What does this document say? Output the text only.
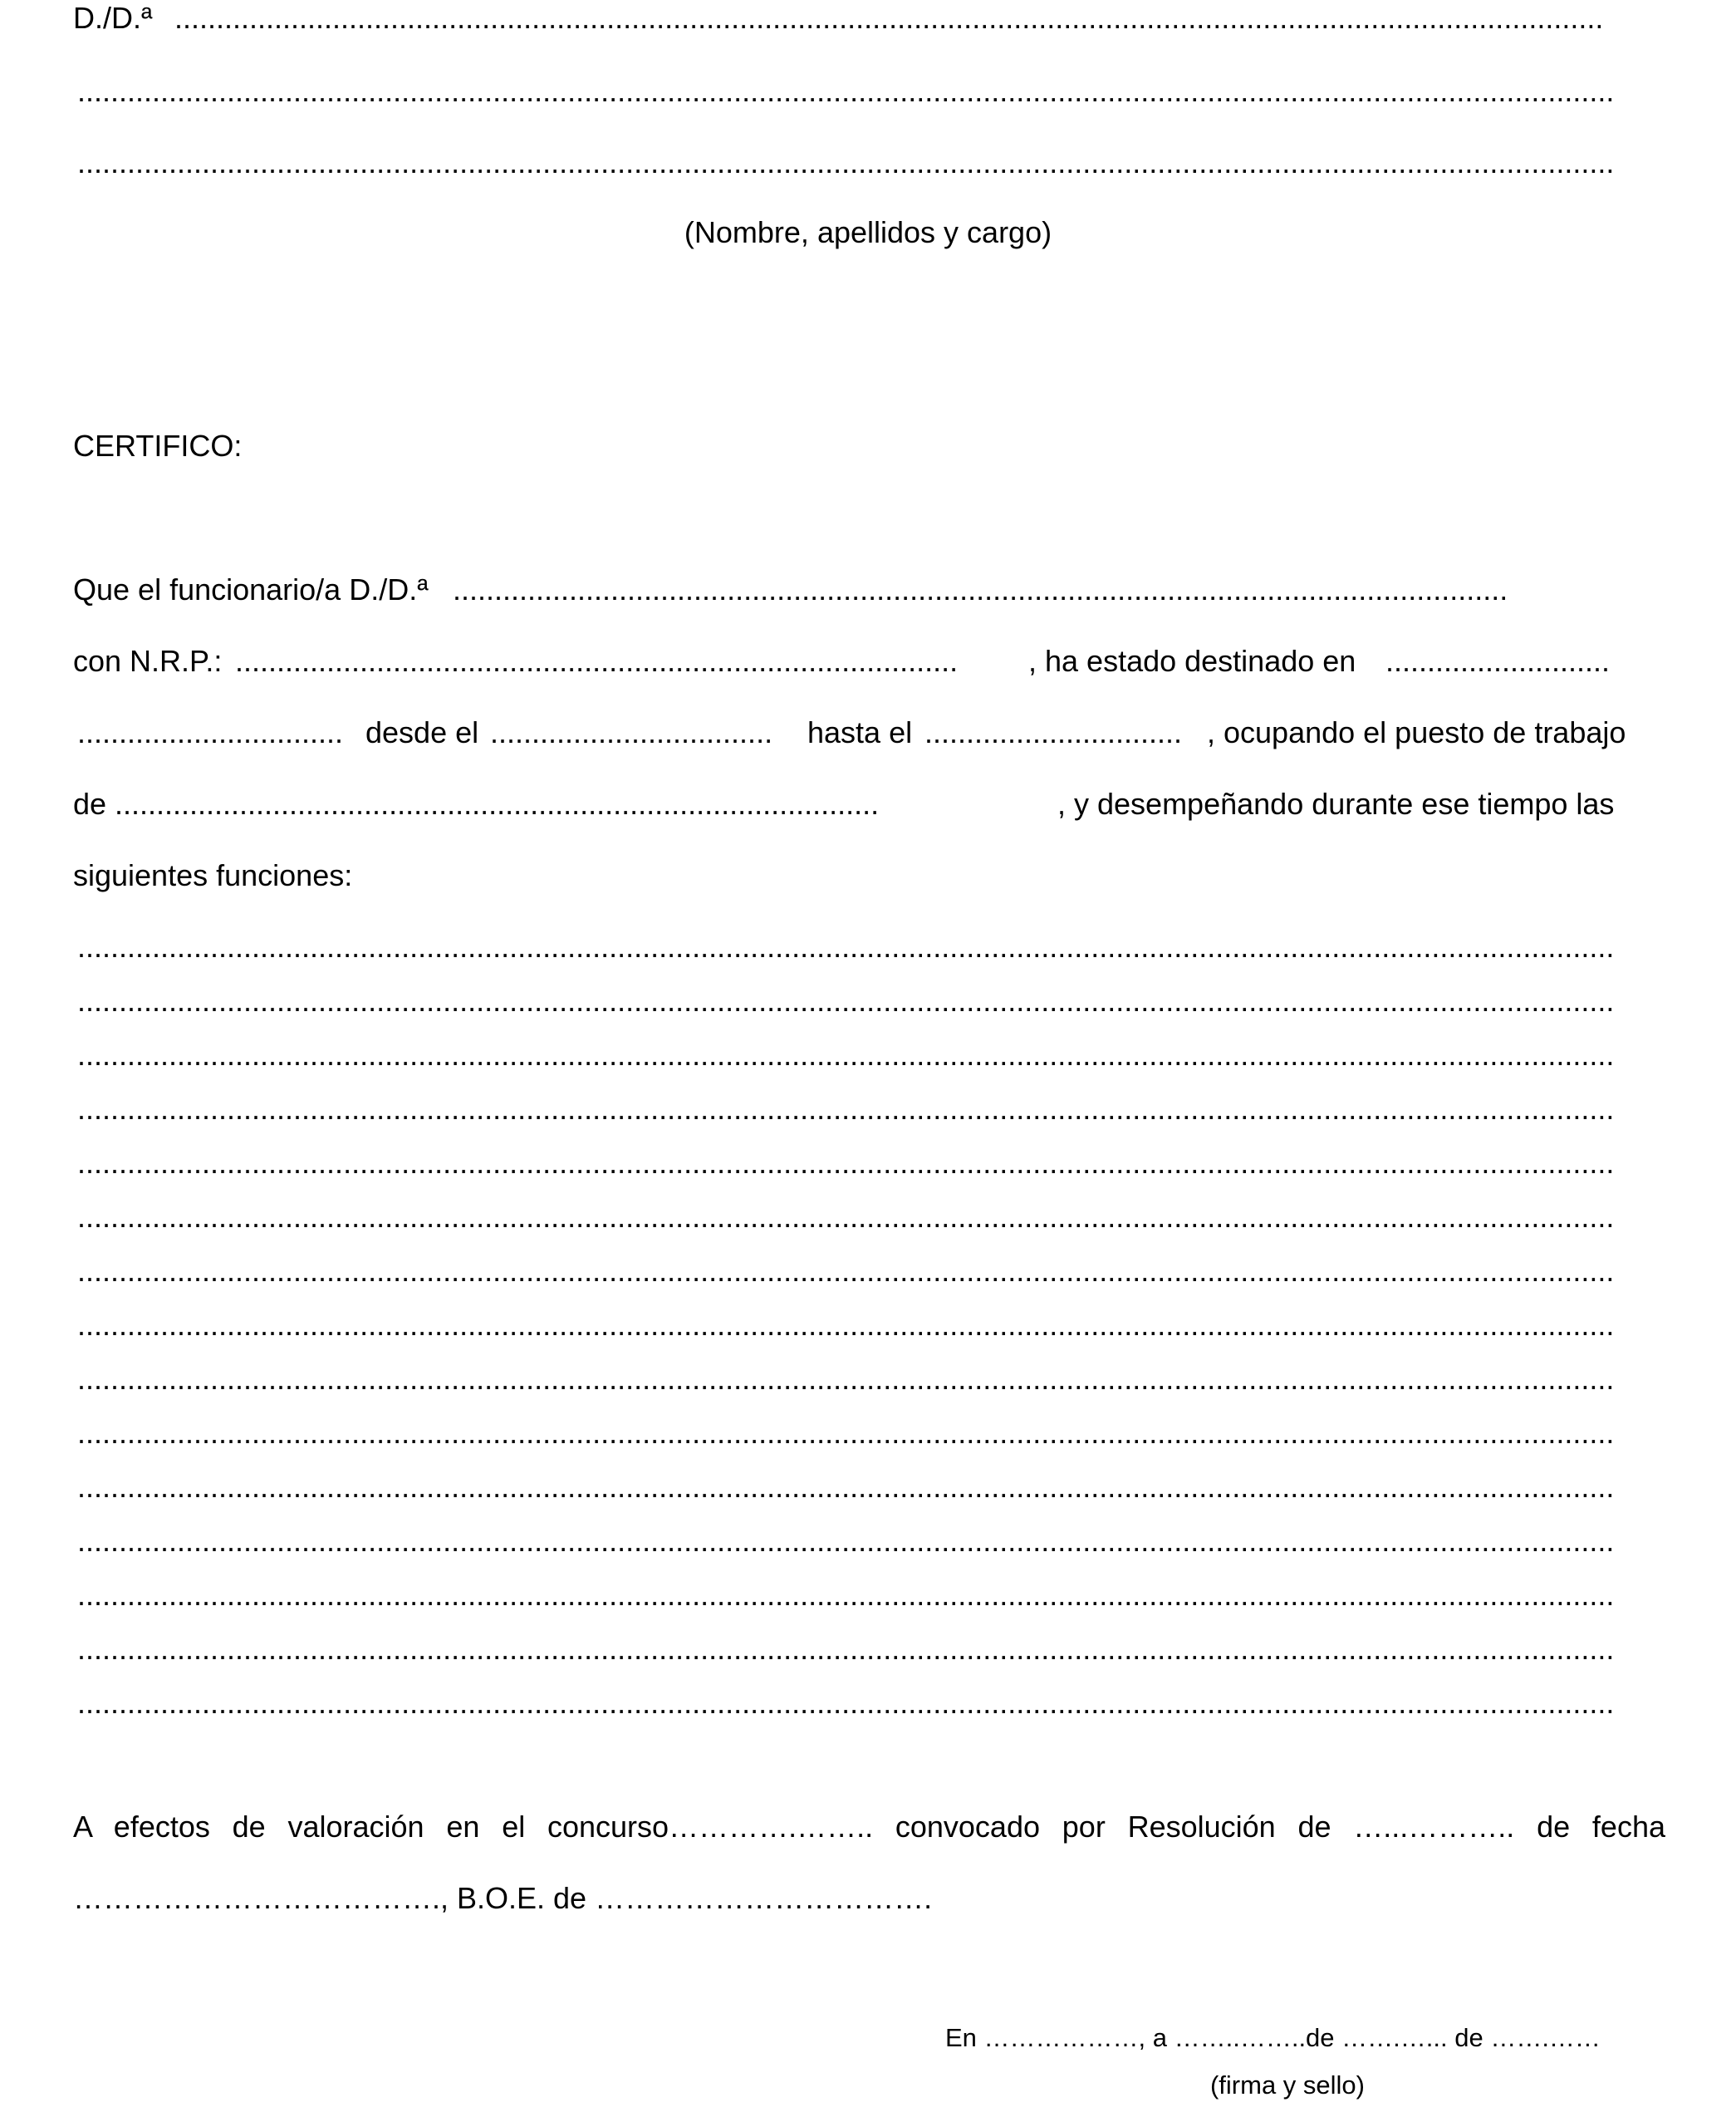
D./D.ª ............................................................................................................................................................................
.........................................................................................................................................................................................
.........................................................................................................................................................................................
(Nombre, apellidos y cargo)
CERTIFICO:
Que el funcionario/a D./D.ª ...............................................................................................................................
con N.R.P.: .......................................................................................	, ha estado destinado en ...........................
................................ desde el ..................................	hasta el ............................... , ocupando el puesto de trabajo
de ............................................................................................	, y desempeñando durante ese tiempo las
siguientes funciones:
.........................................................................................................................................................................................
.........................................................................................................................................................................................
.........................................................................................................................................................................................
.........................................................................................................................................................................................
.........................................................................................................................................................................................
.........................................................................................................................................................................................
.........................................................................................................................................................................................
.........................................................................................................................................................................................
.........................................................................................................................................................................................
.........................................................................................................................................................................................
.........................................................................................................................................................................................
.........................................................................................................................................................................................
.........................................................................................................................................................................................
.........................................................................................................................................................................................
.........................................................................................................................................................................................
A efectos de valoración en el concurso………….…….. convocado por Resolución de …...……….. de fecha
………………………………., B.O.E. de …………………………….
En ………………, a ……..……..de …….…... de …….……
(firma y sello)
